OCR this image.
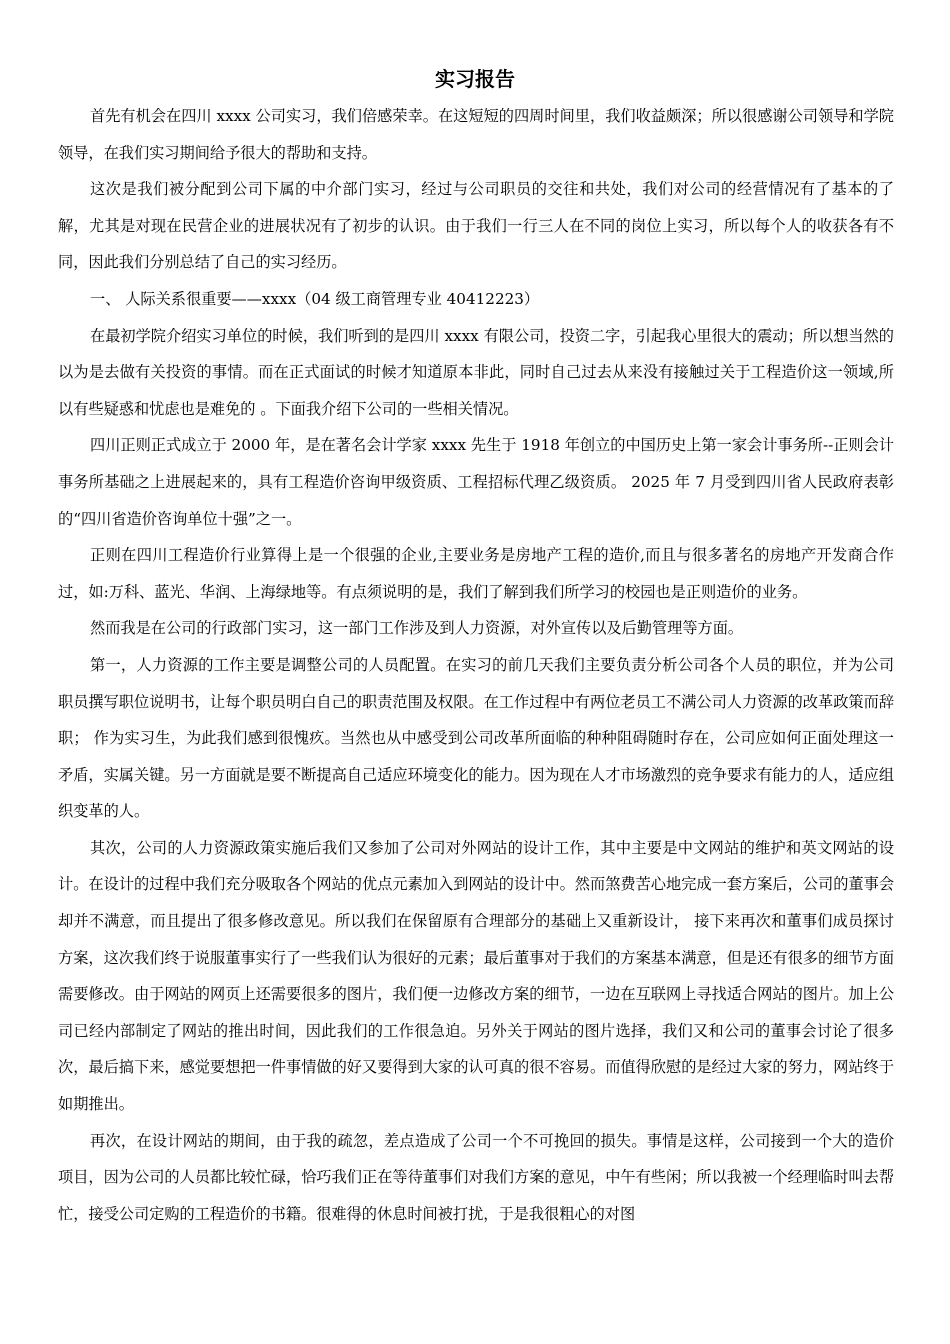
实习报告

首先有机会在四川 xxxx 公司实习，我们倍感荣幸。在这短短的四周时间里，我们收益颇深；所以很感谢公司领导和学院领导，在我们实习期间给予很大的帮助和支持。

这次是我们被分配到公司下属的中介部门实习，经过与公司职员的交往和共处，我们对公司的经营情况有了基本的了解，尤其是对现在民营企业的进展状况有了初步的认识。由于我们一行三人在不同的岗位上实习，所以每个人的收获各有不同，因此我们分别总结了自己的实习经历。

一、 人际关系很重要——xxxx（04 级工商管理专业 40412223）

在最初学院介绍实习单位的时候，我们听到的是四川 xxxx 有限公司，投资二字，引起我心里很大的震动；所以想当然的以为是去做有关投资的事情。而在正式面试的时候才知道原本非此，同时自己过去从来没有接触过关于工程造价这一领域,所以有些疑惑和忧虑也是难免的 。下面我介绍下公司的一些相关情况。

四川正则正式成立于 2000 年，是在著名会计学家 xxxx 先生于 1918 年创立的中国历史上第一家会计事务所--正则会计事务所基础之上进展起来的，具有工程造价咨询甲级资质、工程招标代理乙级资质。 2025 年 7 月受到四川省人民政府表彰的“四川省造价咨询单位十强”之一。

正则在四川工程造价行业算得上是一个很强的企业,主要业务是房地产工程的造价,而且与很多著名的房地产开发商合作过，如:万科、蓝光、华润、上海绿地等。有点须说明的是，我们了解到我们所学习的校园也是正则造价的业务。

然而我是在公司的行政部门实习，这一部门工作涉及到人力资源，对外宣传以及后勤管理等方面。

第一，人力资源的工作主要是调整公司的人员配置。在实习的前几天我们主要负责分析公司各个人员的职位，并为公司职员撰写职位说明书，让每个职员明白自己的职责范围及权限。在工作过程中有两位老员工不满公司人力资源的改革政策而辞职； 作为实习生，为此我们感到很愧疚。当然也从中感受到公司改革所面临的种种阻碍随时存在，公司应如何正面处理这一矛盾，实属关键。另一方面就是要不断提高自己适应环境变化的能力。因为现在人才市场激烈的竞争要求有能力的人，适应组织变革的人。

其次，公司的人力资源政策实施后我们又参加了公司对外网站的设计工作，其中主要是中文网站的维护和英文网站的设计。在设计的过程中我们充分吸取各个网站的优点元素加入到网站的设计中。然而煞费苦心地完成一套方案后，公司的董事会却并不满意，而且提出了很多修改意见。所以我们在保留原有合理部分的基础上又重新设计， 接下来再次和董事们成员探讨方案，这次我们终于说服董事实行了一些我们认为很好的元素；最后董事对于我们的方案基本满意，但是还有很多的细节方面需要修改。由于网站的网页上还需要很多的图片，我们便一边修改方案的细节，一边在互联网上寻找适合网站的图片。加上公司已经内部制定了网站的推出时间，因此我们的工作很急迫。另外关于网站的图片选择，我们又和公司的董事会讨论了很多次，最后搞下来，感觉要想把一件事情做的好又要得到大家的认可真的很不容易。而值得欣慰的是经过大家的努力，网站终于如期推出。

再次，在设计网站的期间，由于我的疏忽，差点造成了公司一个不可挽回的损失。事情是这样，公司接到一个大的造价项目，因为公司的人员都比较忙碌，恰巧我们正在等待董事们对我们方案的意见，中午有些闲；所以我被一个经理临时叫去帮忙，接受公司定购的工程造价的书籍。很难得的休息时间被打扰，于是我很粗心的对图
